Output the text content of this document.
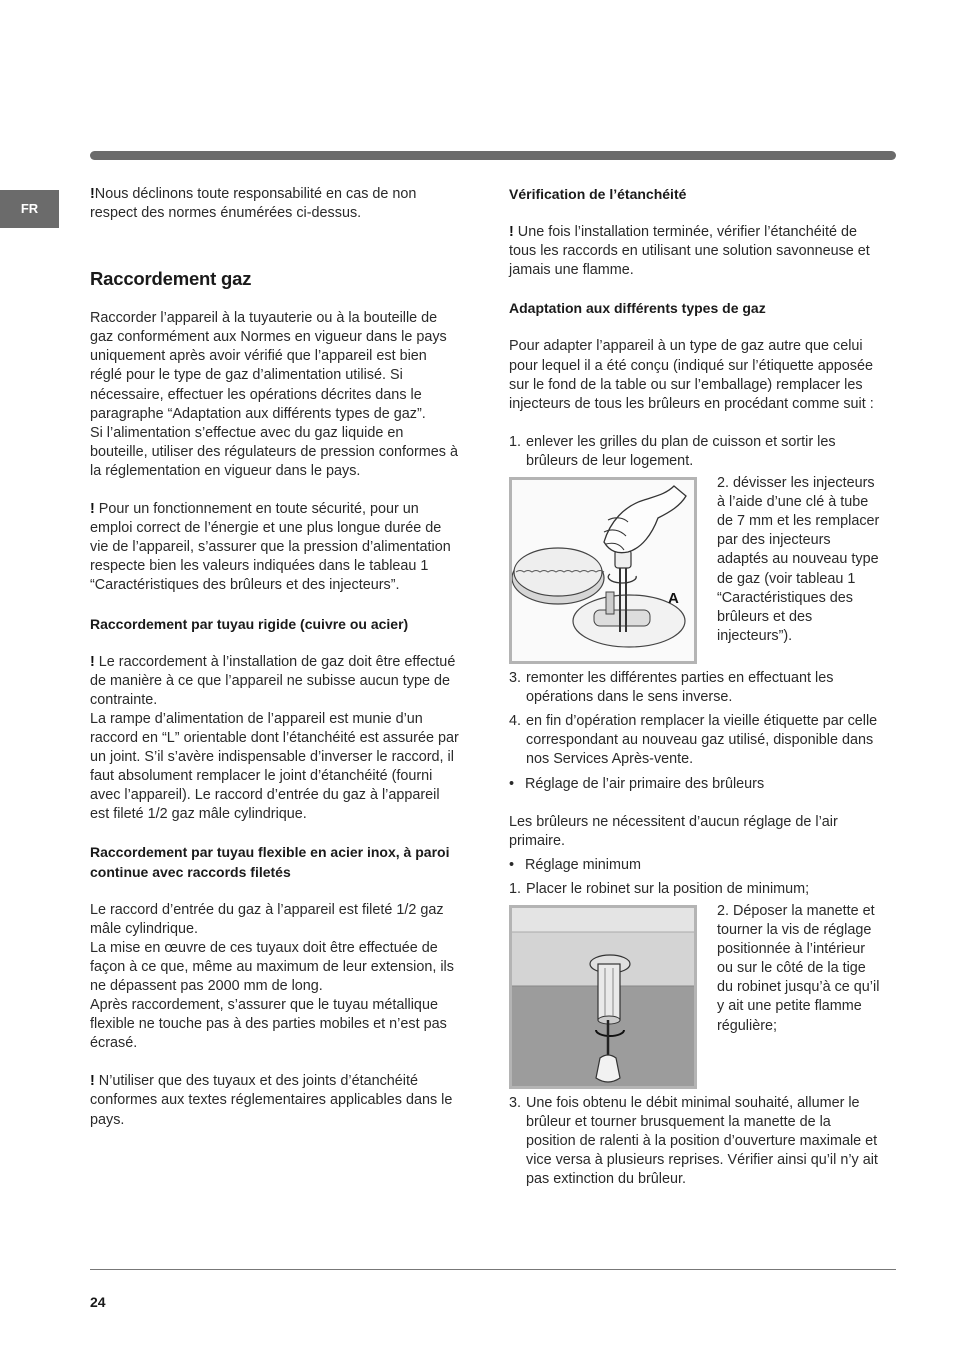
FR

!Nous déclinons toute responsabilité en cas de non respect des normes énumérées ci-dessus.

Raccordement gaz

Raccorder l’appareil à la tuyauterie ou à la bouteille de gaz conformément aux Normes en vigueur dans le pays uniquement après avoir vérifié que l’appareil est bien réglé pour le type de gaz d’alimentation utilisé. Si nécessaire, effectuer les opérations décrites dans le paragraphe “Adaptation aux différents types de gaz”.

Si l’alimentation s’effectue avec du gaz liquide en bouteille, utiliser des régulateurs de pression conformes à la réglementation en vigueur dans le pays.

! Pour un fonctionnement en toute sécurité, pour un emploi correct de l’énergie et une plus longue durée de vie de l’appareil, s’assurer que la pression d’alimentation respecte bien les valeurs indiquées dans le tableau 1 “Caractéristiques des brûleurs et des injecteurs”.

Raccordement par tuyau rigide (cuivre ou acier)

! Le raccordement à l’installation de gaz doit être effectué de manière à ce que l’appareil ne subisse aucun type de contrainte.

La rampe d’alimentation de l’appareil est munie d’un raccord en “L” orientable dont l’étanchéité est assurée par un joint. S’il s’avère indispensable d’inverser le raccord, il faut absolument remplacer le joint d’étanchéité (fourni avec l’appareil). Le raccord d’entrée du gaz à l’appareil est fileté 1/2 gaz mâle cylindrique.

Raccordement par tuyau flexible en acier inox, à paroi continue avec raccords filetés

Le raccord d’entrée du gaz à l’appareil est fileté 1/2 gaz mâle cylindrique.

La mise en œuvre de ces tuyaux doit être effectuée de façon à ce que, même au maximum de leur extension, ils ne dépassent pas 2000 mm de long.

Après raccordement, s’assurer que le tuyau métallique flexible ne touche pas à des parties mobiles et n’est pas écrasé.

! N’utiliser que des tuyaux et des joints d’étanchéité conformes aux textes réglementaires applicables dans le pays.

Vérification de l’étanchéité

! Une fois l’installation terminée, vérifier l’étanchéité de tous les raccords en utilisant une solution savonneuse et jamais une flamme.

Adaptation aux différents types de gaz

Pour adapter l’appareil à un type de gaz autre que celui pour lequel il a été conçu (indiqué sur l’étiquette apposée sur le fond de la table ou sur l’emballage) remplacer les injecteurs de tous les brûleurs en procédant comme suit :

1. enlever les grilles du plan de cuisson et sortir les brûleurs de leur logement.
A
2. dévisser les injecteurs à l’aide d’une clé à tube de 7 mm et les remplacer par des injecteurs adaptés au nouveau type de gaz (voir tableau 1 “Caractéristiques des brûleurs et des injecteurs”).
3. remonter les différentes parties en effectuant les opérations dans le sens inverse.
4. en fin d’opération remplacer la vieille étiquette par celle correspondant au nouveau gaz utilisé, disponible dans nos Services Après-vente.
• Réglage de l’air primaire des brûleurs

Les brûleurs ne nécessitent d’aucun réglage de l’air primaire.

• Réglage minimum
1. Placer le robinet sur la position de minimum;
2. Déposer la manette et tourner la vis de réglage positionnée à l’intérieur ou sur le côté de la tige du robinet jusqu’à ce qu’il y ait une petite flamme régulière;
3. Une fois obtenu le débit minimal souhaité, allumer le brûleur et tourner brusquement la manette de la position de ralenti à la position d’ouverture maximale et vice versa à plusieurs reprises. Vérifier ainsi qu’il n’y ait pas extinction du brûleur.
24
